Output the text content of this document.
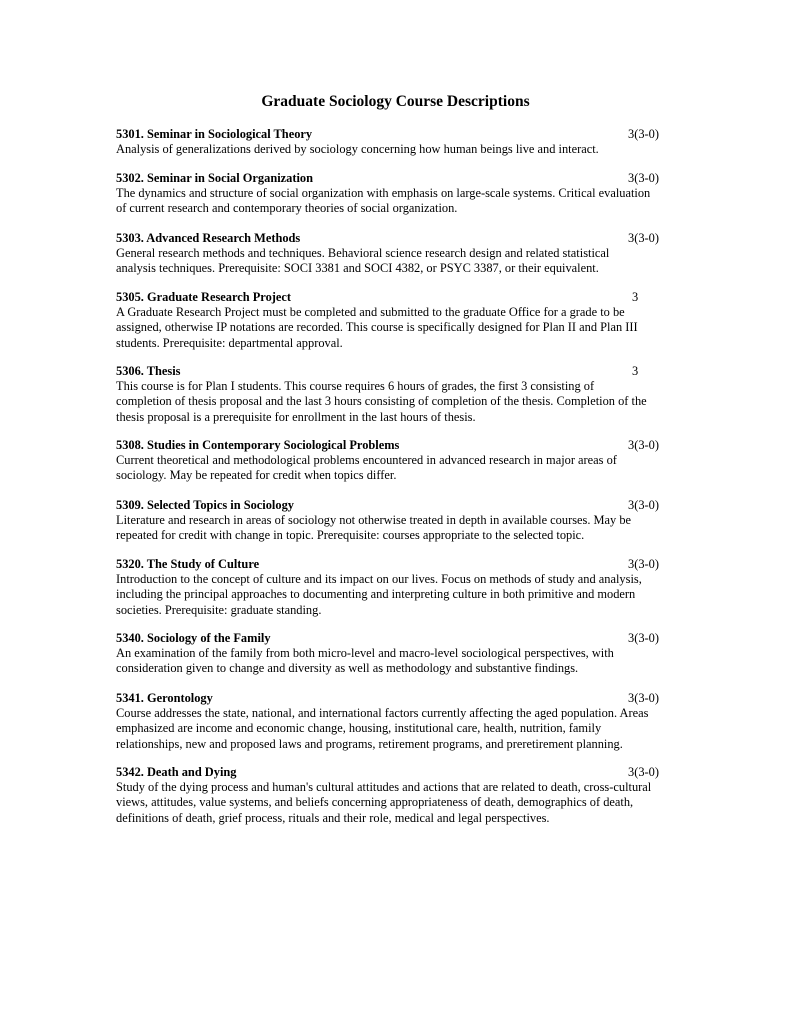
Graduate Sociology Course Descriptions
5301. Seminar in Sociological Theory	3(3-0)
Analysis of generalizations derived by sociology concerning how human beings live and interact.
5302. Seminar in Social Organization	3(3-0)
The dynamics and structure of social organization with emphasis on large-scale systems. Critical evaluation
of current research and contemporary theories of social organization.
5303. Advanced Research Methods	3(3-0)
General research methods and techniques. Behavioral science research design and related statistical
analysis techniques. Prerequisite: SOCI 3381 and SOCI 4382, or PSYC 3387, or their equivalent.
5305. Graduate Research Project	3
A Graduate Research Project must be completed and submitted to the graduate Office for a grade to be
assigned, otherwise IP notations are recorded. This course is specifically designed for Plan II and Plan III
students. Prerequisite: departmental approval.
5306. Thesis	3
This course is for Plan I students. This course requires 6 hours of grades, the first 3 consisting of
completion of thesis proposal and the last 3 hours consisting of completion of the thesis. Completion of the
thesis proposal is a prerequisite for enrollment in the last hours of thesis.
5308. Studies in Contemporary Sociological Problems	3(3-0)
Current theoretical and methodological problems encountered in advanced research in major areas of
sociology. May be repeated for credit when topics differ.
5309. Selected Topics in Sociology	3(3-0)
Literature and research in areas of sociology not otherwise treated in depth in available courses. May be
repeated for credit with change in topic. Prerequisite: courses appropriate to the selected topic.
5320. The Study of Culture	3(3-0)
Introduction to the concept of culture and its impact on our lives. Focus on methods of study and analysis,
including the principal approaches to documenting and interpreting culture in both primitive and modern
societies. Prerequisite: graduate standing.
5340. Sociology of the Family	3(3-0)
An examination of the family from both micro-level and macro-level sociological perspectives, with
consideration given to change and diversity as well as methodology and substantive findings.
5341. Gerontology	3(3-0)
Course addresses the state, national, and international factors currently affecting the aged population. Areas
emphasized are income and economic change, housing, institutional care, health, nutrition, family
relationships, new and proposed laws and programs, retirement programs, and preretirement planning.
5342. Death and Dying	3(3-0)
Study of the dying process and human's cultural attitudes and actions that are related to death, cross-cultural
views, attitudes, value systems, and beliefs concerning appropriateness of death, demographics of death,
definitions of death, grief process, rituals and their role, medical and legal perspectives.
